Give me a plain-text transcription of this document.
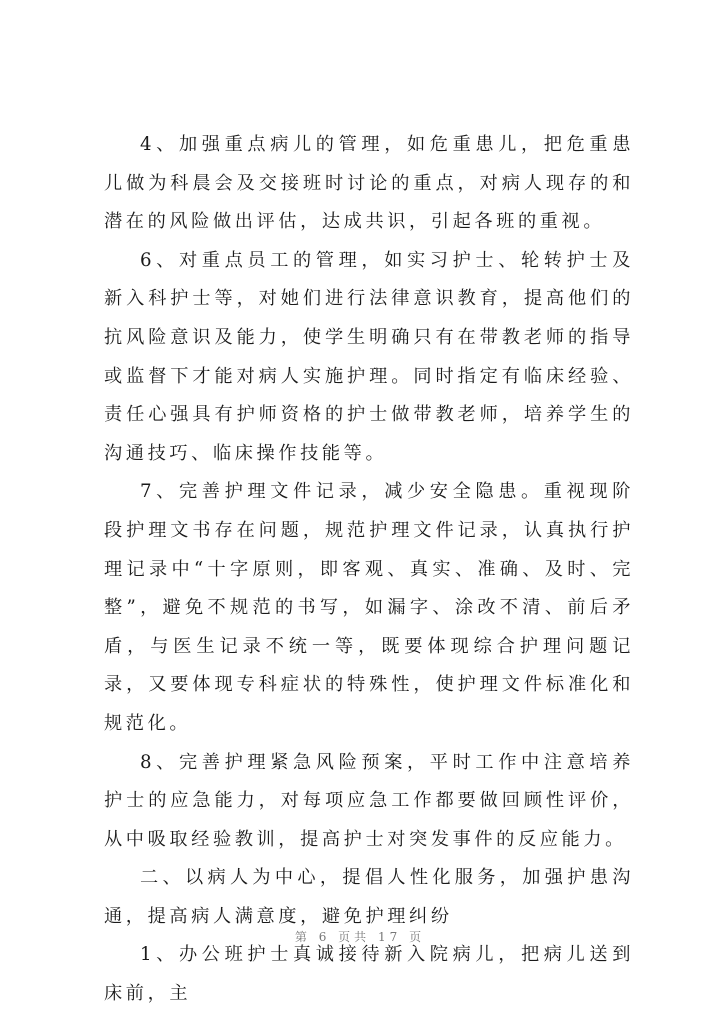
4、加强重点病儿的管理，如危重患儿，把危重患儿做为科晨会及交接班时讨论的重点，对病人现存的和潜在的风险做出评估，达成共识，引起各班的重视。

6、对重点员工的管理，如实习护士、轮转护士及新入科护士等，对她们进行法律意识教育，提高他们的抗风险意识及能力，使学生明确只有在带教老师的指导或监督下才能对病人实施护理。同时指定有临床经验、责任心强具有护师资格的护士做带教老师，培养学生的沟通技巧、临床操作技能等。

7、完善护理文件记录，减少安全隐患。重视现阶段护理文书存在问题，规范护理文件记录，认真执行护理记录中“十字原则，即客观、真实、准确、及时、完整”，避免不规范的书写，如漏字、涂改不清、前后矛盾，与医生记录不统一等，既要体现综合护理问题记录，又要体现专科症状的特殊性，使护理文件标准化和规范化。

8、完善护理紧急风险预案，平时工作中注意培养护士的应急能力，对每项应急工作都要做回顾性评价，从中吸取经验教训，提高护士对突发事件的反应能力。

二、以病人为中心，提倡人性化服务，加强护患沟通，提高病人满意度，避免护理纠纷

1、办公班护士真诚接待新入院病儿，把病儿送到床前，主

第 6 页共 17 页
